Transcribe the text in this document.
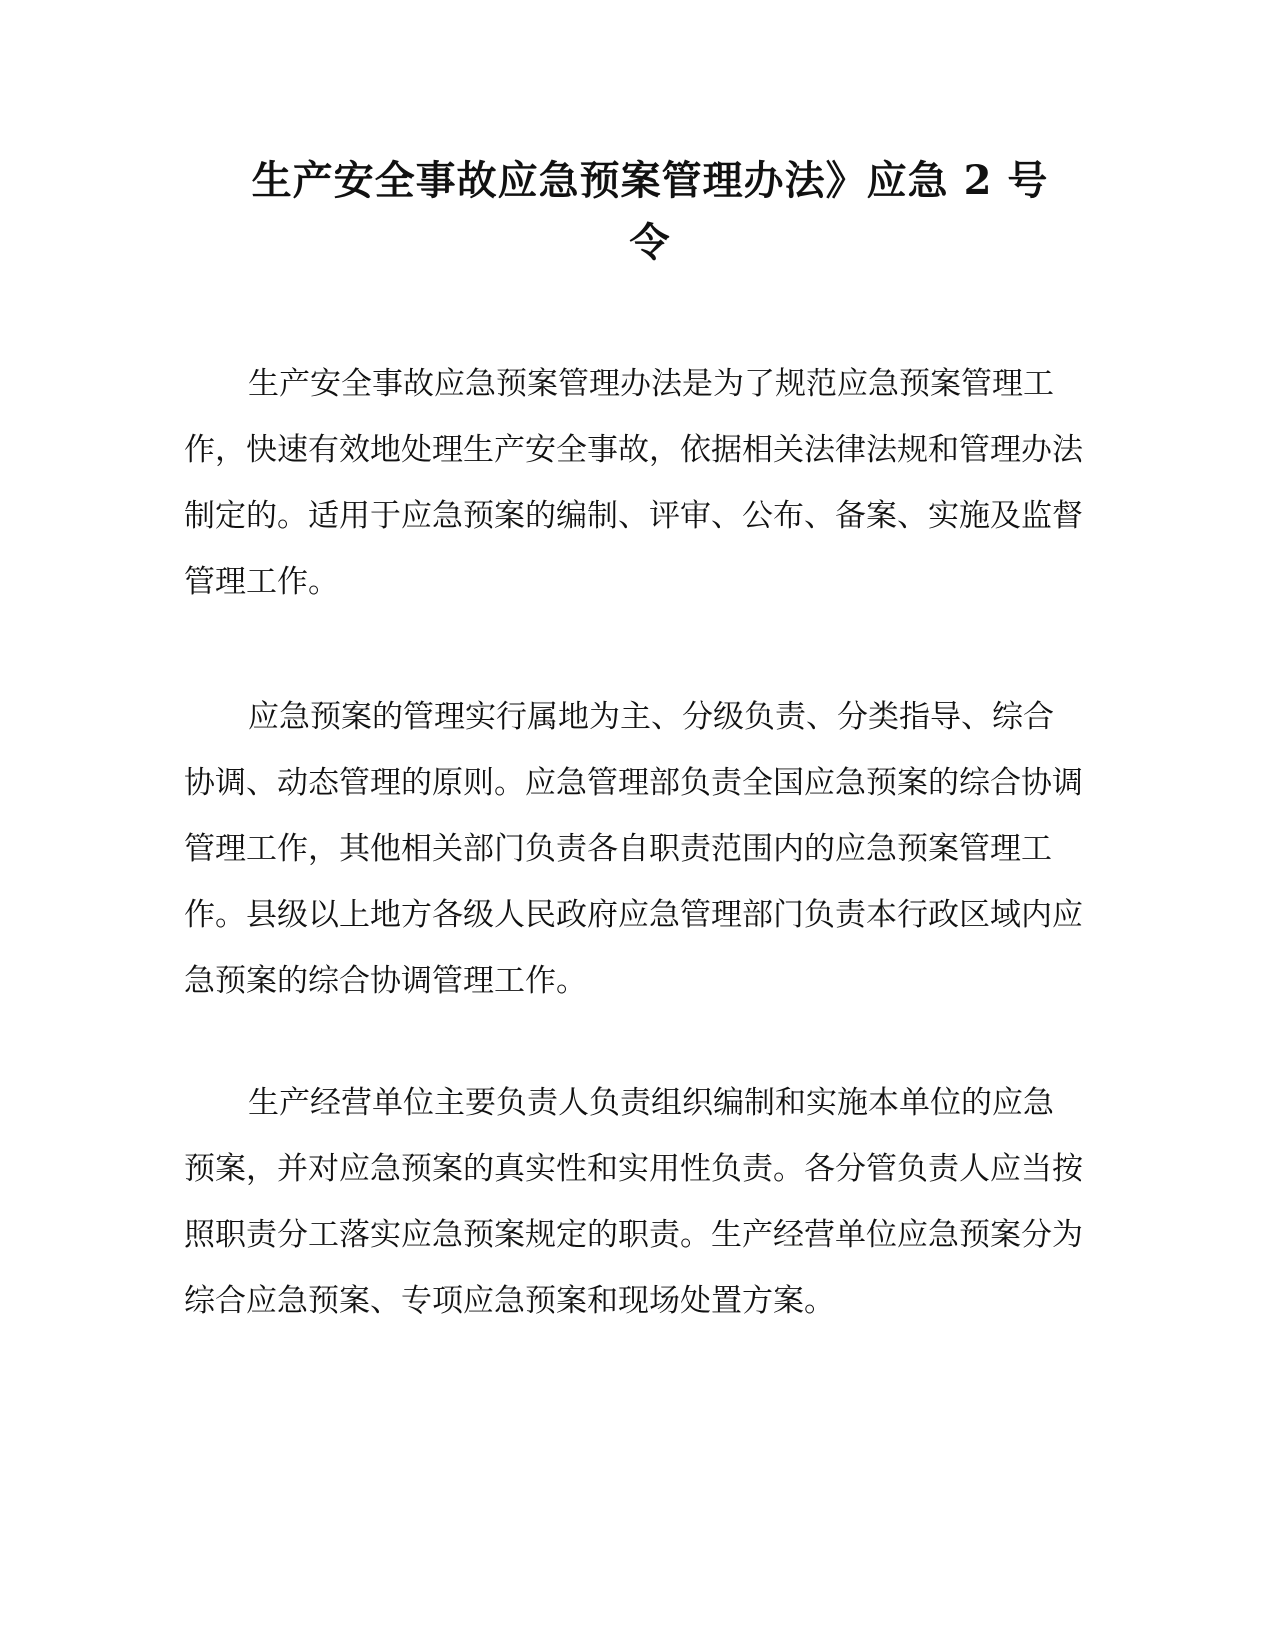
生产安全事故应急预案管理办法》应急 2 号令

生产安全事故应急预案管理办法是为了规范应急预案管理工作，快速有效地处理生产安全事故，依据相关法律法规和管理办法制定的。适用于应急预案的编制、评审、公布、备案、实施及监督管理工作。

应急预案的管理实行属地为主、分级负责、分类指导、综合协调、动态管理的原则。应急管理部负责全国应急预案的综合协调管理工作，其他相关部门负责各自职责范围内的应急预案管理工作。县级以上地方各级人民政府应急管理部门负责本行政区域内应急预案的综合协调管理工作。

生产经营单位主要负责人负责组织编制和实施本单位的应急预案，并对应急预案的真实性和实用性负责。各分管负责人应当按照职责分工落实应急预案规定的职责。生产经营单位应急预案分为综合应急预案、专项应急预案和现场处置方案。
